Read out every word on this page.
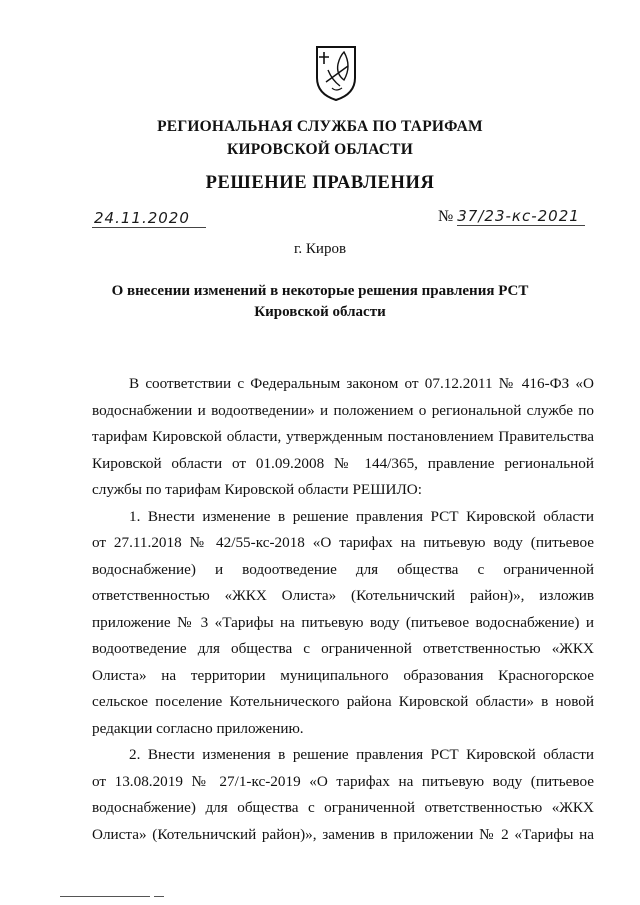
РЕГИОНАЛЬНАЯ СЛУЖБА ПО ТАРИФАМ
КИРОВСКОЙ ОБЛАСТИ
РЕШЕНИЕ ПРАВЛЕНИЯ
24.11.2020	№ 37/23-кс-2021
г. Киров
О внесении изменений в некоторые решения правления РСТ
Кировской области
В соответствии с Федеральным законом от 07.12.2011 № 416-ФЗ «О
водоснабжении и водоотведении» и положением о региональной службе по
тарифам Кировской области, утвержденным постановлением Правительства
Кировской области от 01.09.2008 № 144/365, правление региональной
службы по тарифам Кировской области РЕШИЛО:
1. Внести изменение в решение правления РСТ Кировской области
от 27.11.2018 № 42/55-кс-2018 «О тарифах на питьевую воду (питьевое
водоснабжение) и водоотведение для общества с ограниченной
ответственностью «ЖКХ Олиста» (Котельничский район)», изложив
приложение № 3 «Тарифы на питьевую воду (питьевое водоснабжение) и
водоотведение для общества с ограниченной ответственностью «ЖКХ
Олиста» на территории муниципального образования Красногорское
сельское поселение Котельнического района Кировской области» в новой
редакции согласно приложению.
2. Внести изменения в решение правления РСТ Кировской области
от 13.08.2019 № 27/1-кс-2019 «О тарифах на питьевую воду (питьевое
водоснабжение) для общества с ограниченной ответственностью «ЖКХ
Олиста» (Котельничский район)», заменив в приложении № 2 «Тарифы на
